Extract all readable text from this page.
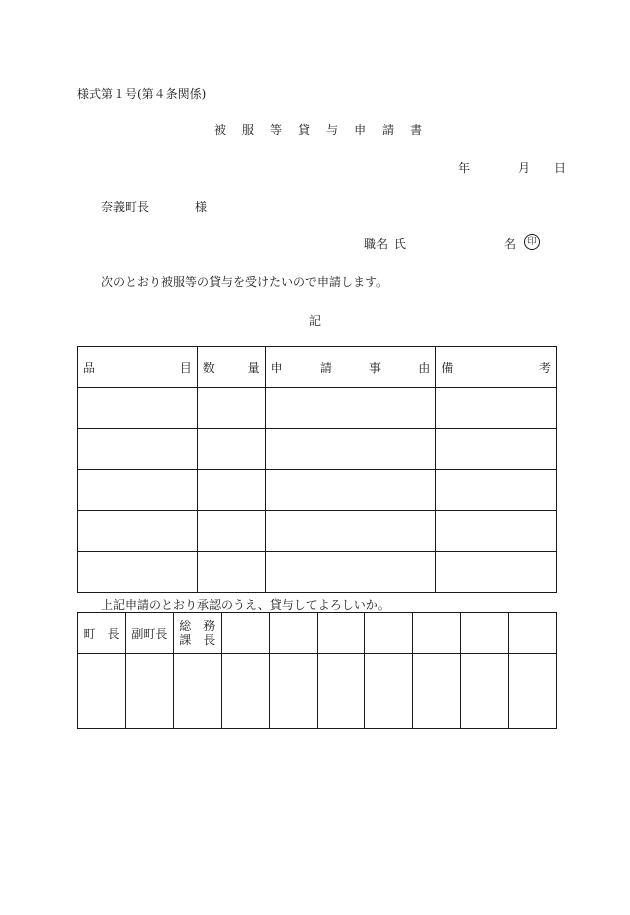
様式第１号(第４条関係)
被 服 等 貸 与 申 請 書
年	月 日
奈義町長	様
職名 氏	名	印
次のとおり被服等の貸与を受けたいので申請します。
記
品 目	数 量	申 請 事 由	備 考

上記申請のとおり承認のうえ、貸与してよろしいか。
町　長	副町長	総　務
課　長							
